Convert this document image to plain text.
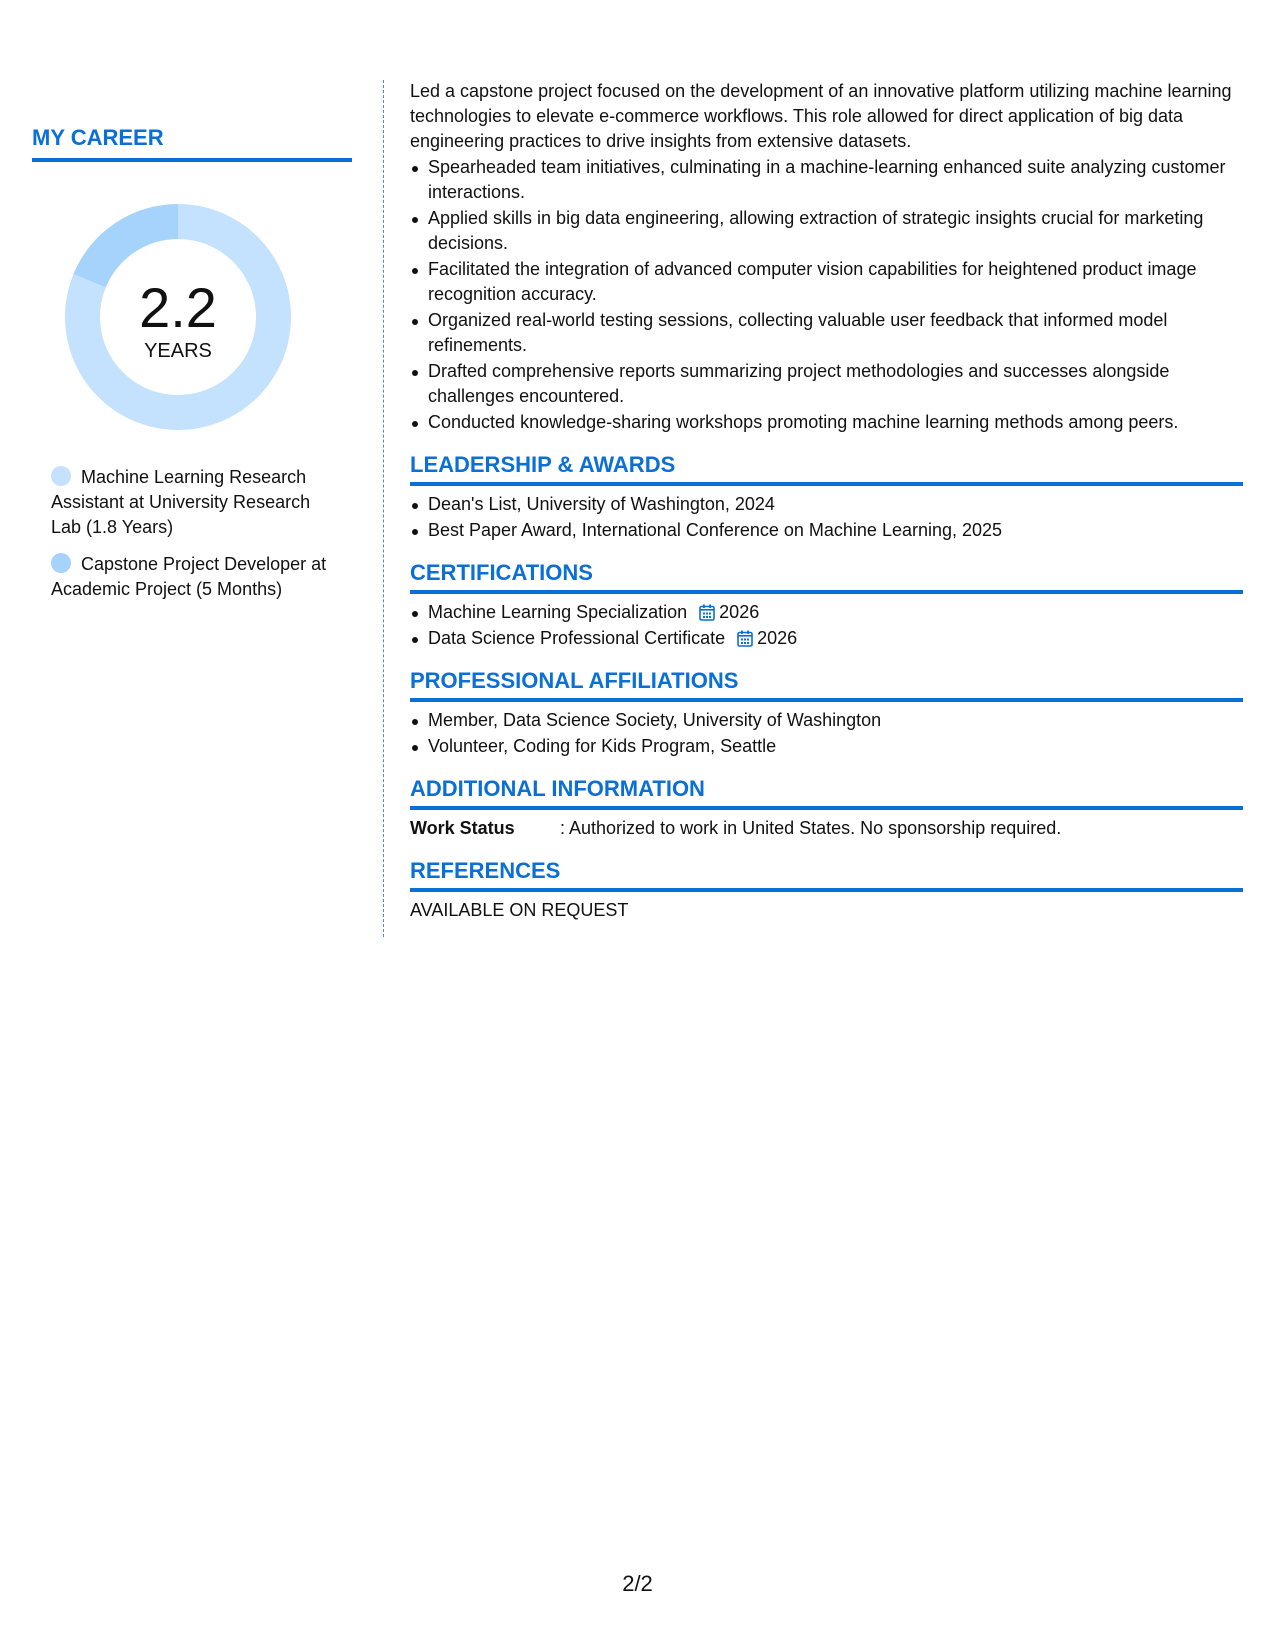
MY CAREER
2.2
YEARS
Machine Learning Research Assistant at University Research Lab (1.8 Years)
Capstone Project Developer at Academic Project (5 Months)

Led a capstone project focused on the development of an innovative platform utilizing machine learning technologies to elevate e-commerce workflows. This role allowed for direct application of big data engineering practices to drive insights from extensive datasets.

Spearheaded team initiatives, culminating in a machine-learning enhanced suite analyzing customer interactions.
Applied skills in big data engineering, allowing extraction of strategic insights crucial for marketing decisions.
Facilitated the integration of advanced computer vision capabilities for heightened product image recognition accuracy.
Organized real-world testing sessions, collecting valuable user feedback that informed model refinements.
Drafted comprehensive reports summarizing project methodologies and successes alongside challenges encountered.
Conducted knowledge-sharing workshops promoting machine learning methods among peers.
LEADERSHIP & AWARDS
Dean's List, University of Washington, 2024
Best Paper Award, International Conference on Machine Learning, 2025
CERTIFICATIONS
Machine Learning Specialization 2026
Data Science Professional Certificate 2026
PROFESSIONAL AFFILIATIONS
Member, Data Science Society, University of Washington
Volunteer, Coding for Kids Program, Seattle
ADDITIONAL INFORMATION
Work Status	: Authorized to work in United States. No sponsorship required.
REFERENCES
AVAILABLE ON REQUEST
2/2
